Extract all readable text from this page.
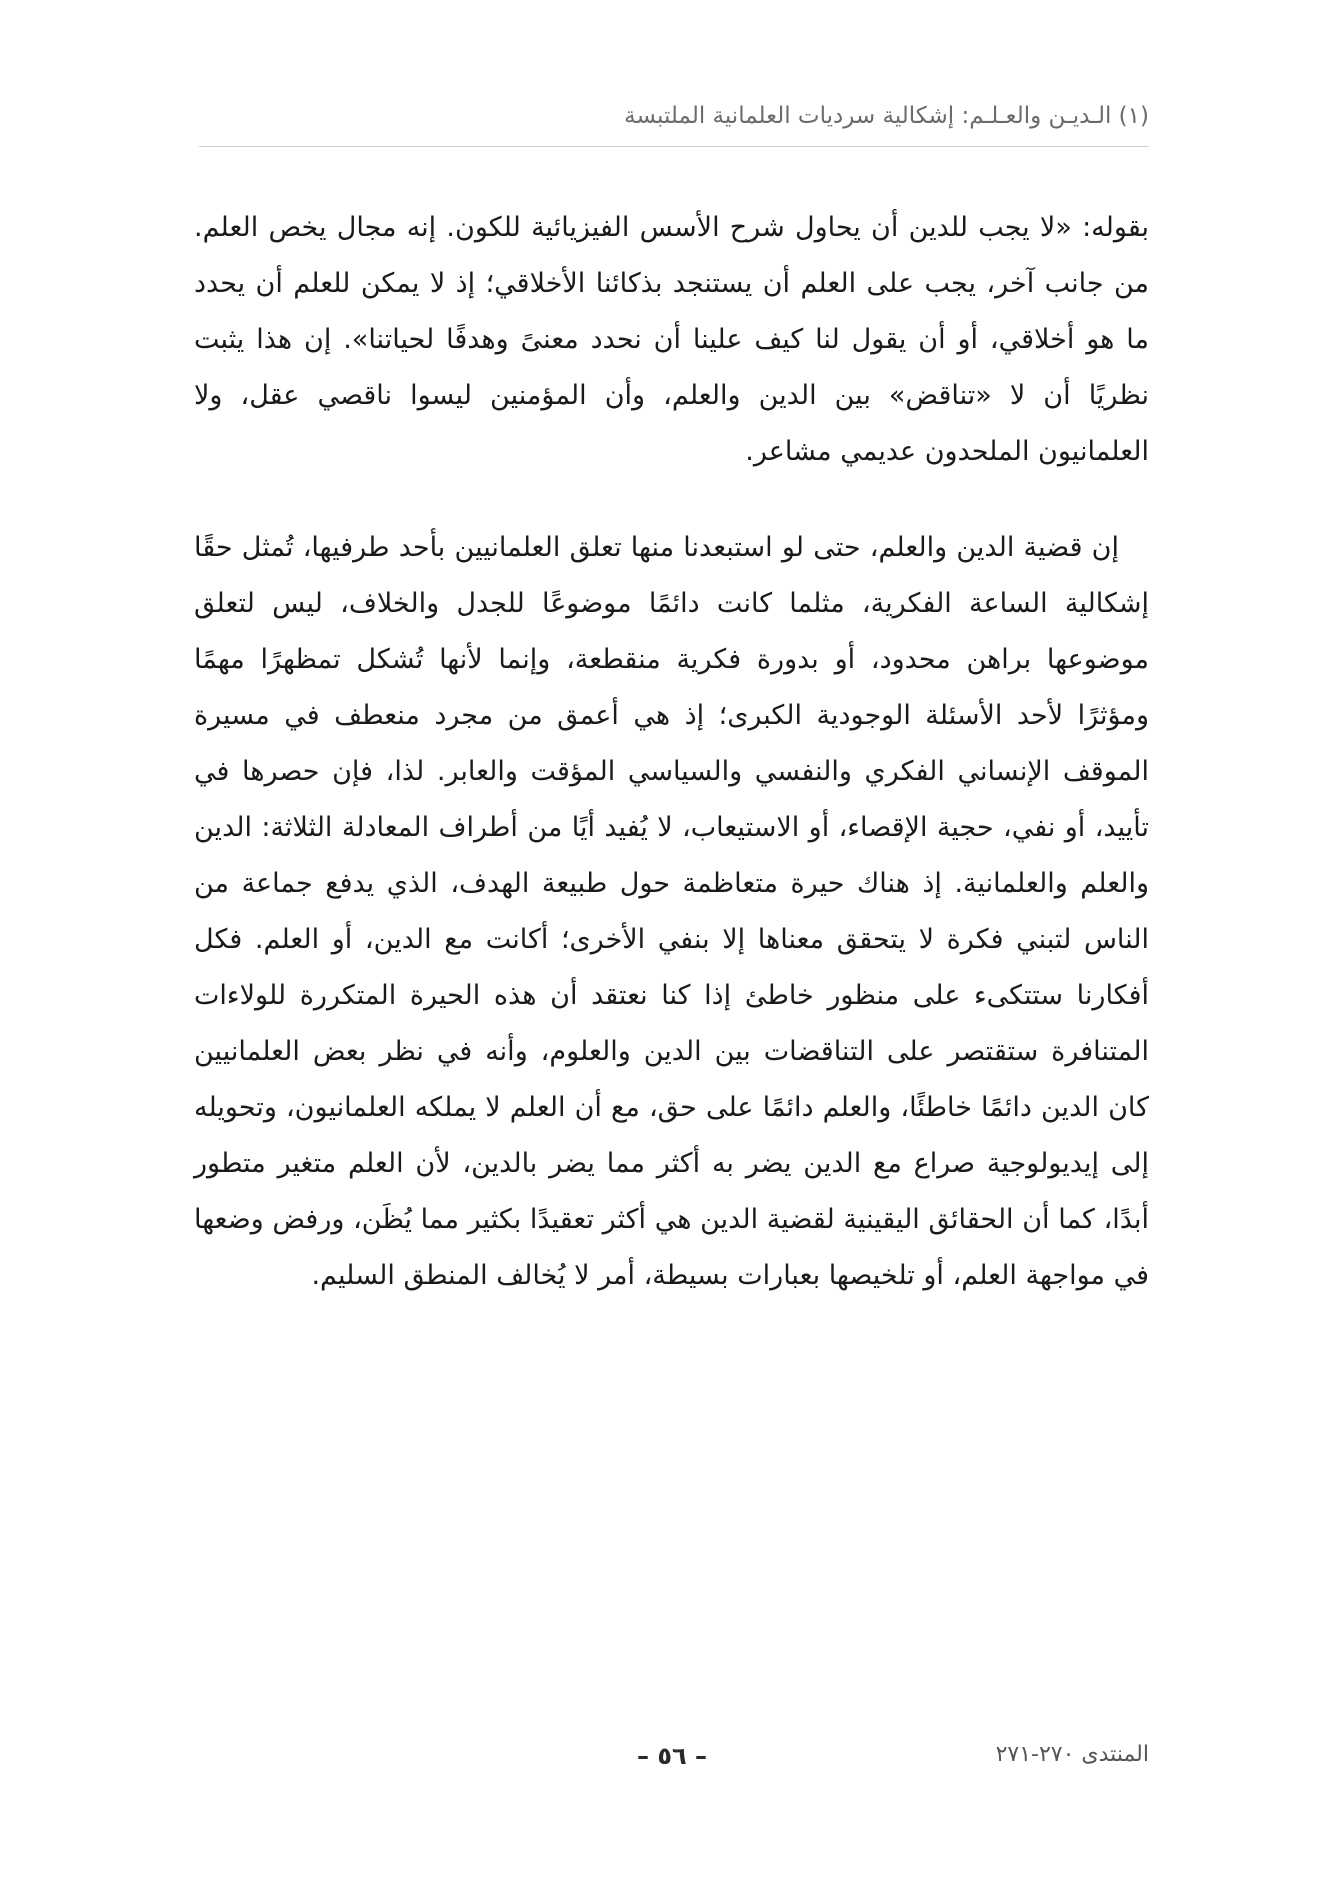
(١) الـديـن والعـلـم: إشكالية سرديات العلمانية الملتبسة

بقوله: «لا يجب للدين أن يحاول شرح الأسس الفيزيائية للكون. إنه مجال يخص العلم. من جانب آخر، يجب على العلم أن يستنجد بذكائنا الأخلاقي؛ إذ لا يمكن للعلم أن يحدد ما هو أخلاقي، أو أن يقول لنا كيف علينا أن نحدد معنىً وهدفًا لحياتنا». إن هذا يثبت نظريًا أن لا «تناقض» بين الدين والعلم، وأن المؤمنين ليسوا ناقصي عقل، ولا العلمانيون الملحدون عديمي مشاعر.

إن قضية الدين والعلم، حتى لو استبعدنا منها تعلق العلمانيين بأحد طرفيها، تُمثل حقًا إشكالية الساعة الفكرية، مثلما كانت دائمًا موضوعًا للجدل والخلاف، ليس لتعلق موضوعها براهن محدود، أو بدورة فكرية منقطعة، وإنما لأنها تُشكل تمظهرًا مهمًا ومؤثرًا لأحد الأسئلة الوجودية الكبرى؛ إذ هي أعمق من مجرد منعطف في مسيرة الموقف الإنساني الفكري والنفسي والسياسي المؤقت والعابر. لذا، فإن حصرها في تأييد، أو نفي، حجية الإقصاء، أو الاستيعاب، لا يُفيد أيًا من أطراف المعادلة الثلاثة: الدين والعلم والعلمانية. إذ هناك حيرة متعاظمة حول طبيعة الهدف، الذي يدفع جماعة من الناس لتبني فكرة لا يتحقق معناها إلا بنفي الأخرى؛ أكانت مع الدين، أو العلم. فكل أفكارنا ستتكىء على منظور خاطئ إذا كنا نعتقد أن هذه الحيرة المتكررة للولاءات المتنافرة ستقتصر على التناقضات بين الدين والعلوم، وأنه في نظر بعض العلمانيين كان الدين دائمًا خاطئًا، والعلم دائمًا على حق، مع أن العلم لا يملكه العلمانيون، وتحويله إلى إيديولوجية صراع مع الدين يضر به أكثر مما يضر بالدين، لأن العلم متغير متطور أبدًا، كما أن الحقائق اليقينية لقضية الدين هي أكثر تعقيدًا بكثير مما يُظَن، ورفض وضعها في مواجهة العلم، أو تلخيصها بعبارات بسيطة، أمر لا يُخالف المنطق السليم.

– ٥٦ –	المنتدى ٢٧٠-٢٧١
